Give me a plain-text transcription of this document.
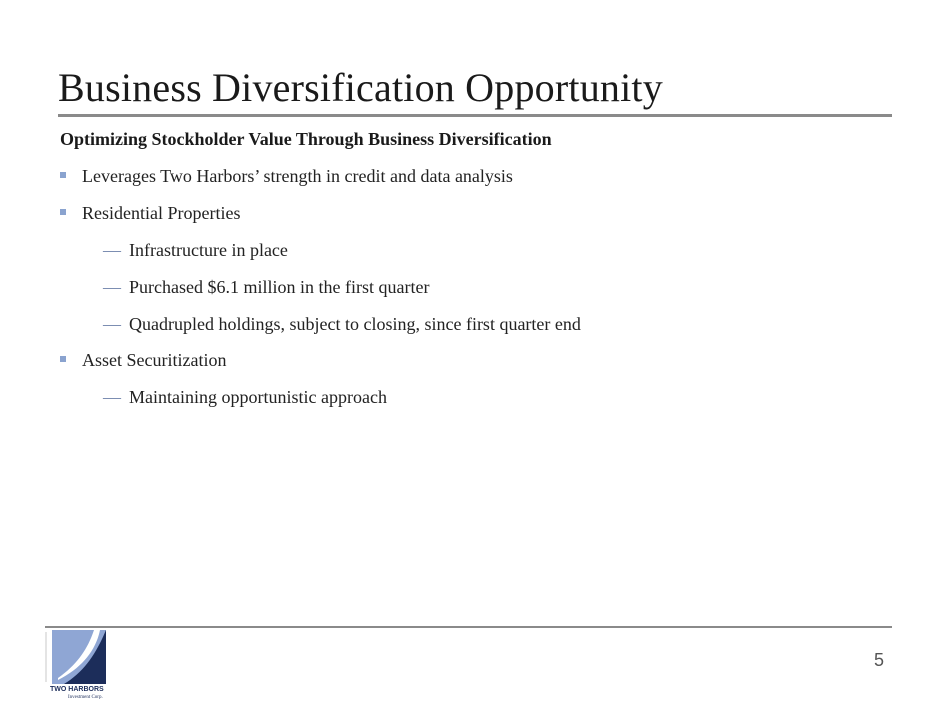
Business Diversification Opportunity
Optimizing Stockholder Value Through Business Diversification
Leverages Two Harbors’ strength in credit and data analysis
Residential Properties
— Infrastructure in place
— Purchased $6.1 million in the first quarter
— Quadrupled holdings, subject to closing, since first quarter end
Asset Securitization
— Maintaining opportunistic approach
TWO HARBORS
Investment Corp.
5
